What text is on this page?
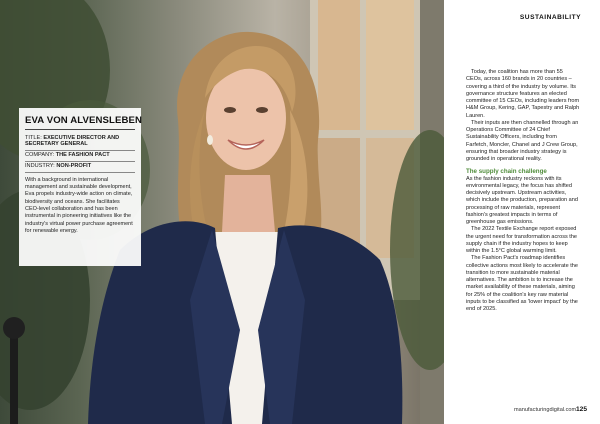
EVA VON ALVENSLEBEN
TITLE: EXECUTIVE DIRECTOR AND SECRETARY GENERAL
COMPANY: THE FASHION PACT
INDUSTRY: NON-PROFIT
With a background in international management and sustainable development, Eva propels industry-wide action on climate, biodiversity and oceans. She facilitates CEO-level collaboration and has been instrumental in pioneering initiatives like the industry's virtual power purchase agreement for renewable energy.
SUSTAINABILITY

Today, the coalition has more than 55 CEOs, across 160 brands in 20 countries – covering a third of the industry by volume. Its governance structure features an elected committee of 15 CEOs, including leaders from H&M Group, Kering, GAP, Tapestry and Ralph Lauren.

Their inputs are then channelled through an Operations Committee of 24 Chief Sustainability Officers, including from Farfetch, Moncler, Chanel and J Crew Group, ensuring that broader industry strategy is grounded in operational reality.

The supply chain challenge

As the fashion industry reckons with its environmental legacy, the focus has shifted decisively upstream. Upstream activities, which include the production, preparation and processing of raw materials, represent fashion's greatest impacts in terms of greenhouse gas emissions.

The 2022 Textile Exchange report exposed the urgent need for transformation across the supply chain if the industry hopes to keep within the 1.5°C global warming limit.

The Fashion Pact's roadmap identifies collective actions most likely to accelerate the transition to more sustainable material alternatives. The ambition is to increase the market availability of these materials, aiming for 25% of the coalition's key raw material inputs to be classified as 'lower impact' by the end of 2025.

manufacturingdigital.com 125
